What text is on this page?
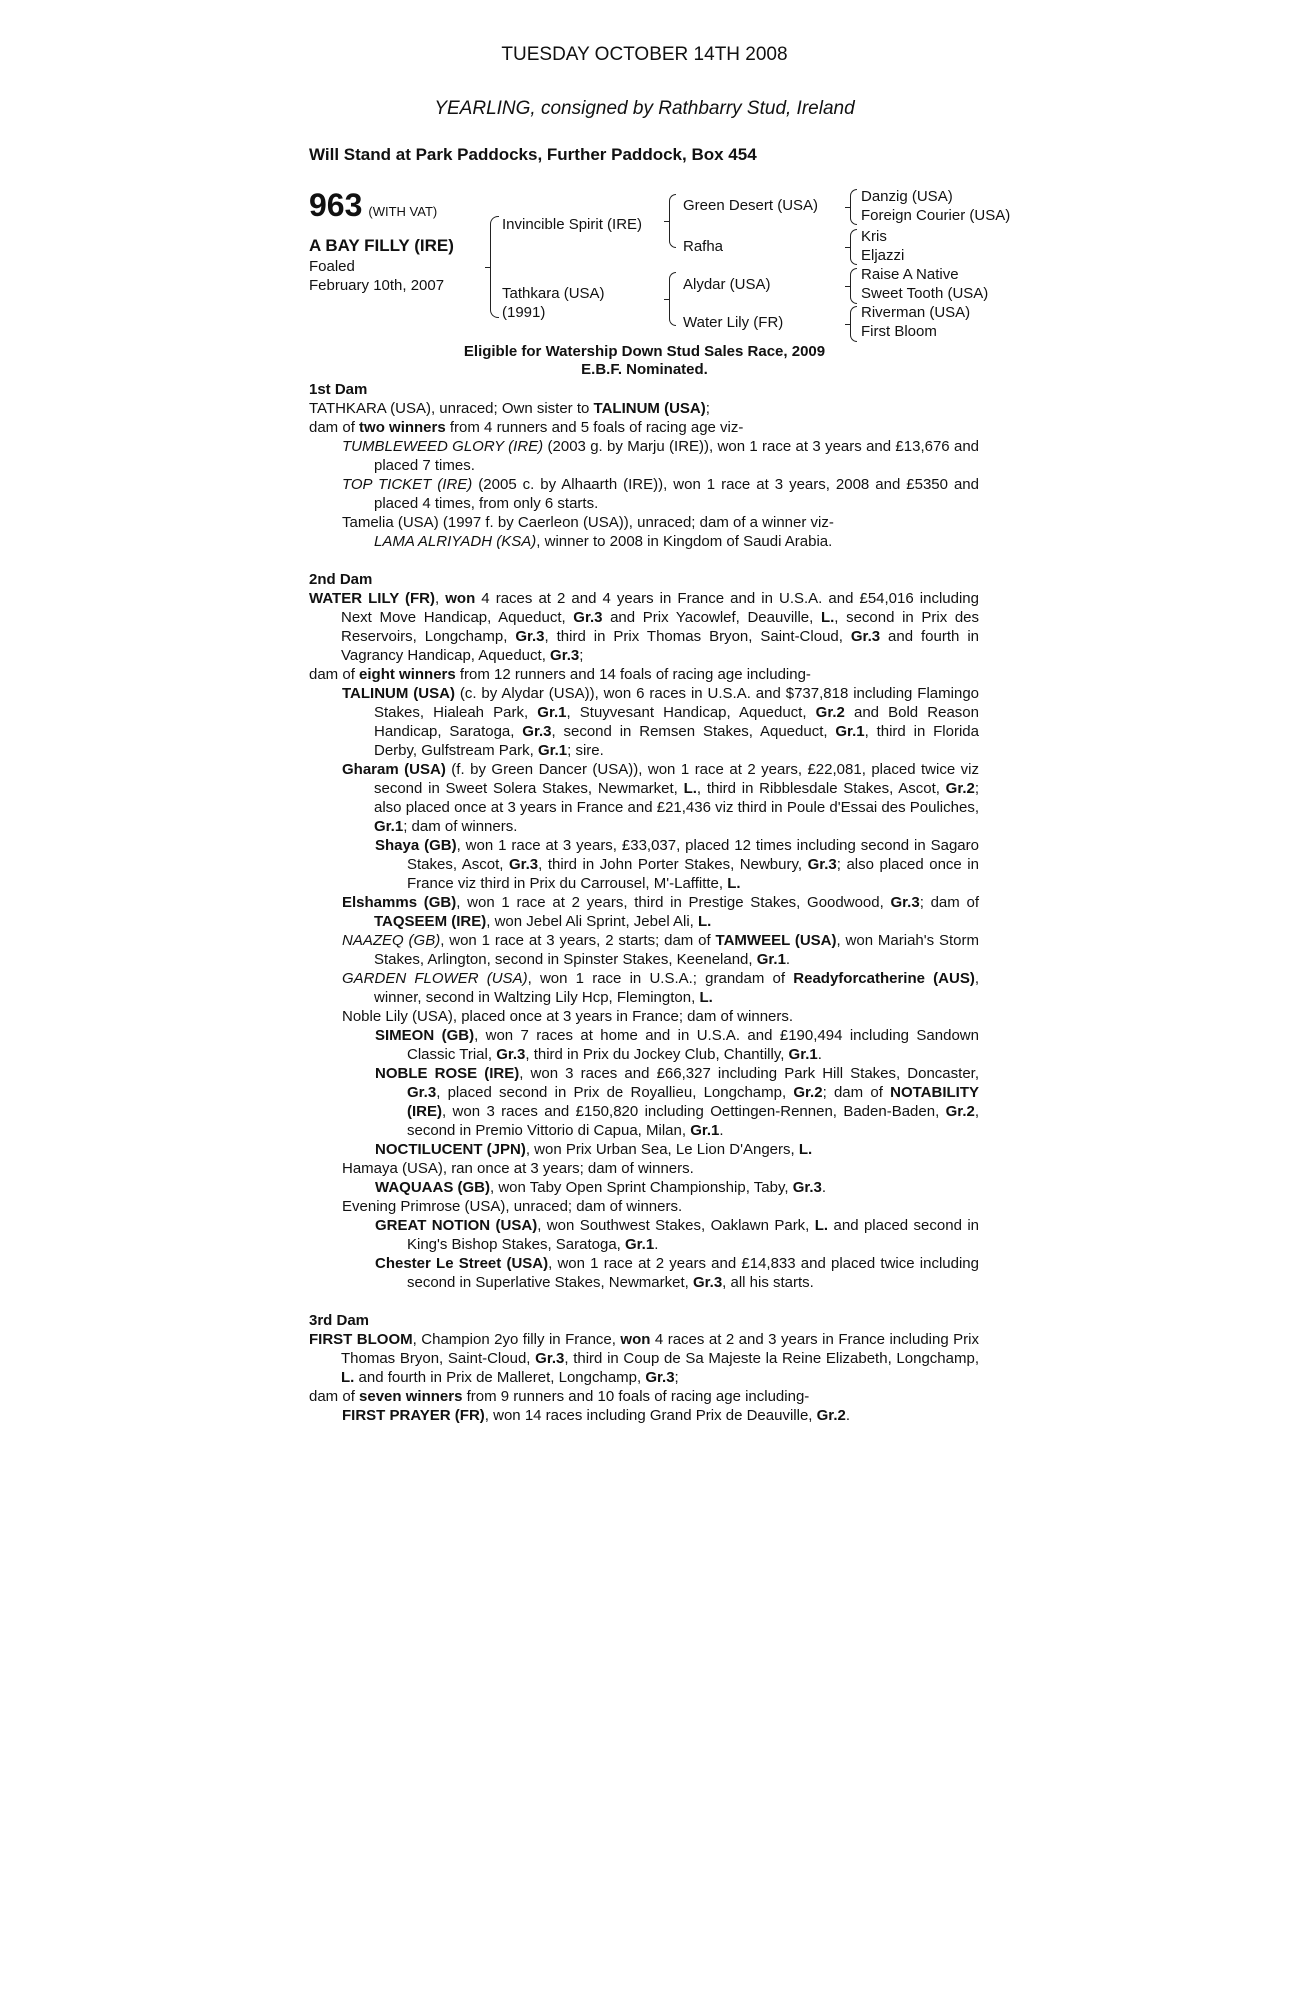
TUESDAY OCTOBER 14TH 2008
YEARLING, consigned by Rathbarry Stud, Ireland
Will Stand at Park Paddocks, Further Paddock, Box 454
963 (WITH VAT)
A BAY FILLY (IRE)
Foaled
February 10th, 2007
Invincible Spirit (IRE)
Tathkara (USA)
(1991)
Green Desert (USA)
Rafha
Alydar (USA)
Water Lily (FR)
Danzig (USA)
Foreign Courier (USA)
Kris
Eljazzi
Raise A Native
Sweet Tooth (USA)
Riverman (USA)
First Bloom
Eligible for Watership Down Stud Sales Race, 2009
E.B.F. Nominated.
1st Dam
TATHKARA (USA), unraced; Own sister to TALINUM (USA);
dam of two winners from 4 runners and 5 foals of racing age viz-
TUMBLEWEED GLORY (IRE) (2003 g. by Marju (IRE)), won 1 race at 3 years and £13,676 and placed 7 times.
TOP TICKET (IRE) (2005 c. by Alhaarth (IRE)), won 1 race at 3 years, 2008 and £5350 and placed 4 times, from only 6 starts.
Tamelia (USA) (1997 f. by Caerleon (USA)), unraced; dam of a winner viz-
LAMA ALRIYADH (KSA), winner to 2008 in Kingdom of Saudi Arabia.
2nd Dam
WATER LILY (FR), won 4 races at 2 and 4 years in France and in U.S.A. and £54,016 including Next Move Handicap, Aqueduct, Gr.3 and Prix Yacowlef, Deauville, L., second in Prix des Reservoirs, Longchamp, Gr.3, third in Prix Thomas Bryon, Saint-Cloud, Gr.3 and fourth in Vagrancy Handicap, Aqueduct, Gr.3;
dam of eight winners from 12 runners and 14 foals of racing age including-
TALINUM (USA) (c. by Alydar (USA)), won 6 races in U.S.A. and $737,818 including Flamingo Stakes, Hialeah Park, Gr.1, Stuyvesant Handicap, Aqueduct, Gr.2 and Bold Reason Handicap, Saratoga, Gr.3, second in Remsen Stakes, Aqueduct, Gr.1, third in Florida Derby, Gulfstream Park, Gr.1; sire.
Gharam (USA) (f. by Green Dancer (USA)), won 1 race at 2 years, £22,081, placed twice viz second in Sweet Solera Stakes, Newmarket, L., third in Ribblesdale Stakes, Ascot, Gr.2; also placed once at 3 years in France and £21,436 viz third in Poule d'Essai des Pouliches, Gr.1; dam of winners.
Shaya (GB), won 1 race at 3 years, £33,037, placed 12 times including second in Sagaro Stakes, Ascot, Gr.3, third in John Porter Stakes, Newbury, Gr.3; also placed once in France viz third in Prix du Carrousel, M'-Laffitte, L.
Elshamms (GB), won 1 race at 2 years, third in Prestige Stakes, Goodwood, Gr.3; dam of TAQSEEM (IRE), won Jebel Ali Sprint, Jebel Ali, L.
NAAZEQ (GB), won 1 race at 3 years, 2 starts; dam of TAMWEEL (USA), won Mariah's Storm Stakes, Arlington, second in Spinster Stakes, Keeneland, Gr.1.
GARDEN FLOWER (USA), won 1 race in U.S.A.; grandam of Readyforcatherine (AUS), winner, second in Waltzing Lily Hcp, Flemington, L.
Noble Lily (USA), placed once at 3 years in France; dam of winners.
SIMEON (GB), won 7 races at home and in U.S.A. and £190,494 including Sandown Classic Trial, Gr.3, third in Prix du Jockey Club, Chantilly, Gr.1.
NOBLE ROSE (IRE), won 3 races and £66,327 including Park Hill Stakes, Doncaster, Gr.3, placed second in Prix de Royallieu, Longchamp, Gr.2; dam of NOTABILITY (IRE), won 3 races and £150,820 including Oettingen-Rennen, Baden-Baden, Gr.2, second in Premio Vittorio di Capua, Milan, Gr.1.
NOCTILUCENT (JPN), won Prix Urban Sea, Le Lion D'Angers, L.
Hamaya (USA), ran once at 3 years; dam of winners.
WAQUAAS (GB), won Taby Open Sprint Championship, Taby, Gr.3.
Evening Primrose (USA), unraced; dam of winners.
GREAT NOTION (USA), won Southwest Stakes, Oaklawn Park, L. and placed second in King's Bishop Stakes, Saratoga, Gr.1.
Chester Le Street (USA), won 1 race at 2 years and £14,833 and placed twice including second in Superlative Stakes, Newmarket, Gr.3, all his starts.
3rd Dam
FIRST BLOOM, Champion 2yo filly in France, won 4 races at 2 and 3 years in France including Prix Thomas Bryon, Saint-Cloud, Gr.3, third in Coup de Sa Majeste la Reine Elizabeth, Longchamp, L. and fourth in Prix de Malleret, Longchamp, Gr.3;
dam of seven winners from 9 runners and 10 foals of racing age including-
FIRST PRAYER (FR), won 14 races including Grand Prix de Deauville, Gr.2.
